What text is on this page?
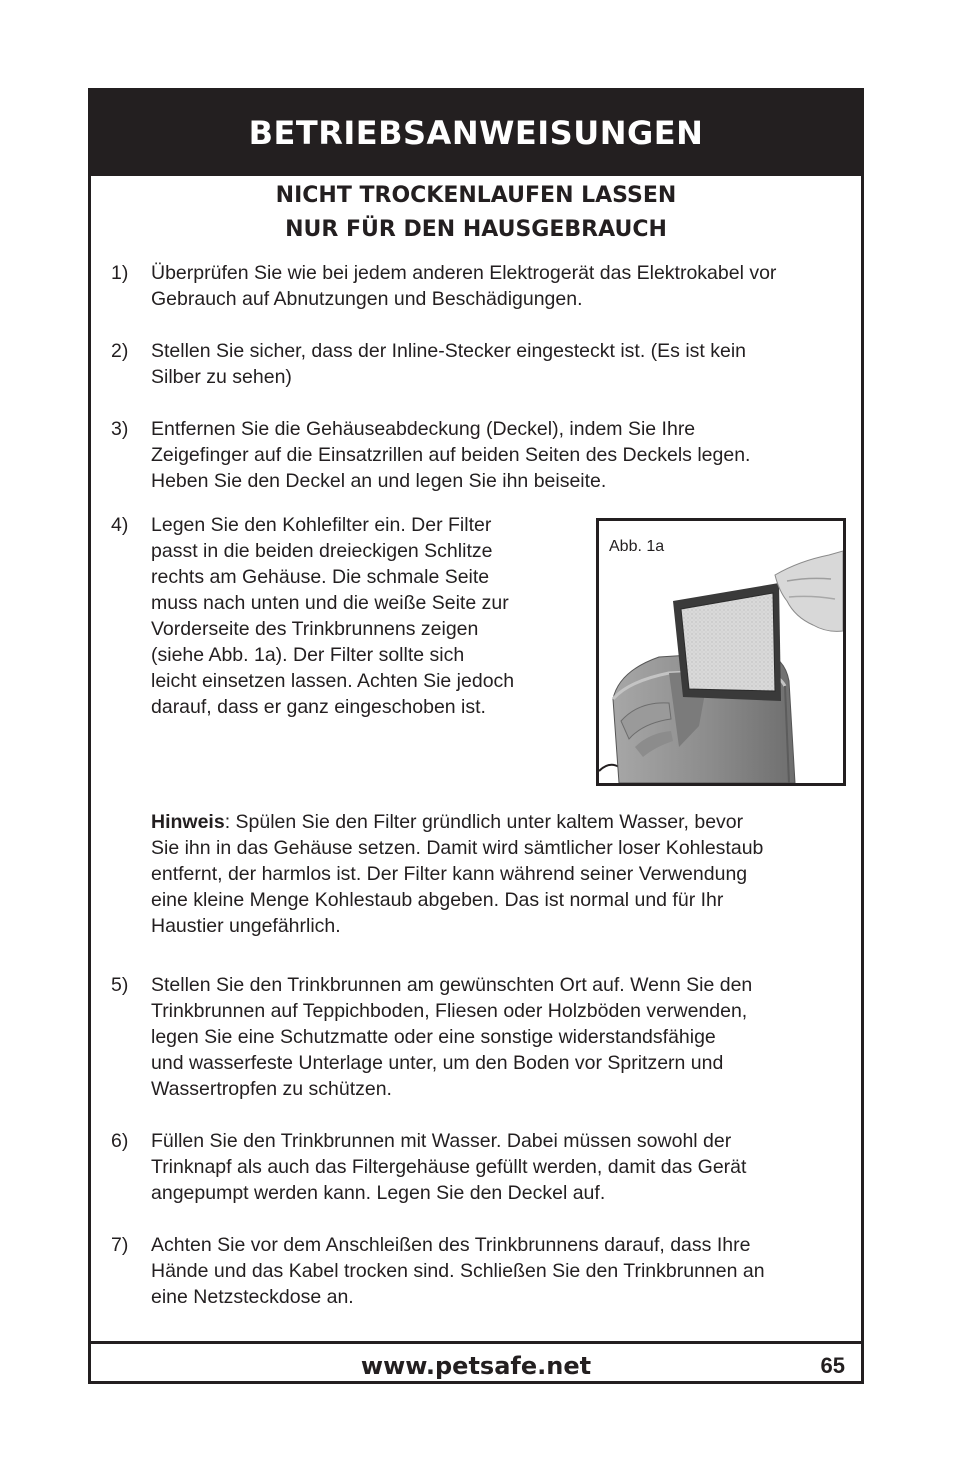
BETRIEBSANWEISUNGEN
NICHT TROCKENLAUFEN LASSEN
NUR FÜR DEN HAUSGEBRAUCH
1) Überprüfen Sie wie bei jedem anderen Elektrogerät das Elektrokabel vor
Gebrauch auf Abnutzungen und Beschädigungen.
2) Stellen Sie sicher, dass der Inline-Stecker eingesteckt ist. (Es ist kein
Silber zu sehen)
3) Entfernen Sie die Gehäuseabdeckung (Deckel), indem Sie Ihre
Zeigefinger auf die Einsatzrillen auf beiden Seiten des Deckels legen.
Heben Sie den Deckel an und legen Sie ihn beiseite.
4) Legen Sie den Kohlefilter ein. Der Filter
passt in die beiden dreieckigen Schlitze
rechts am Gehäuse. Die schmale Seite
muss nach unten und die weiße Seite zur
Vorderseite des Trinkbrunnens zeigen
(siehe Abb. 1a). Der Filter sollte sich
leicht einsetzen lassen. Achten Sie jedoch
darauf, dass er ganz eingeschoben ist.
Abb. 1a
Hinweis: Spülen Sie den Filter gründlich unter kaltem Wasser, bevor
Sie ihn in das Gehäuse setzen. Damit wird sämtlicher loser Kohlestaub
entfernt, der harmlos ist. Der Filter kann während seiner Verwendung
eine kleine Menge Kohlestaub abgeben. Das ist normal und für Ihr
Haustier ungefährlich.
5) Stellen Sie den Trinkbrunnen am gewünschten Ort auf. Wenn Sie den
Trinkbrunnen auf Teppichboden, Fliesen oder Holzböden verwenden,
legen Sie eine Schutzmatte oder eine sonstige widerstandsfähige
und wasserfeste Unterlage unter, um den Boden vor Spritzern und
Wassertropfen zu schützen.
6) Füllen Sie den Trinkbrunnen mit Wasser. Dabei müssen sowohl der
Trinknapf als auch das Filtergehäuse gefüllt werden, damit das Gerät
angepumpt werden kann. Legen Sie den Deckel auf.
7) Achten Sie vor dem Anschleißen des Trinkbrunnens darauf, dass Ihre
Hände und das Kabel trocken sind. Schließen Sie den Trinkbrunnen an
eine Netzsteckdose an.
www.petsafe.net	65
